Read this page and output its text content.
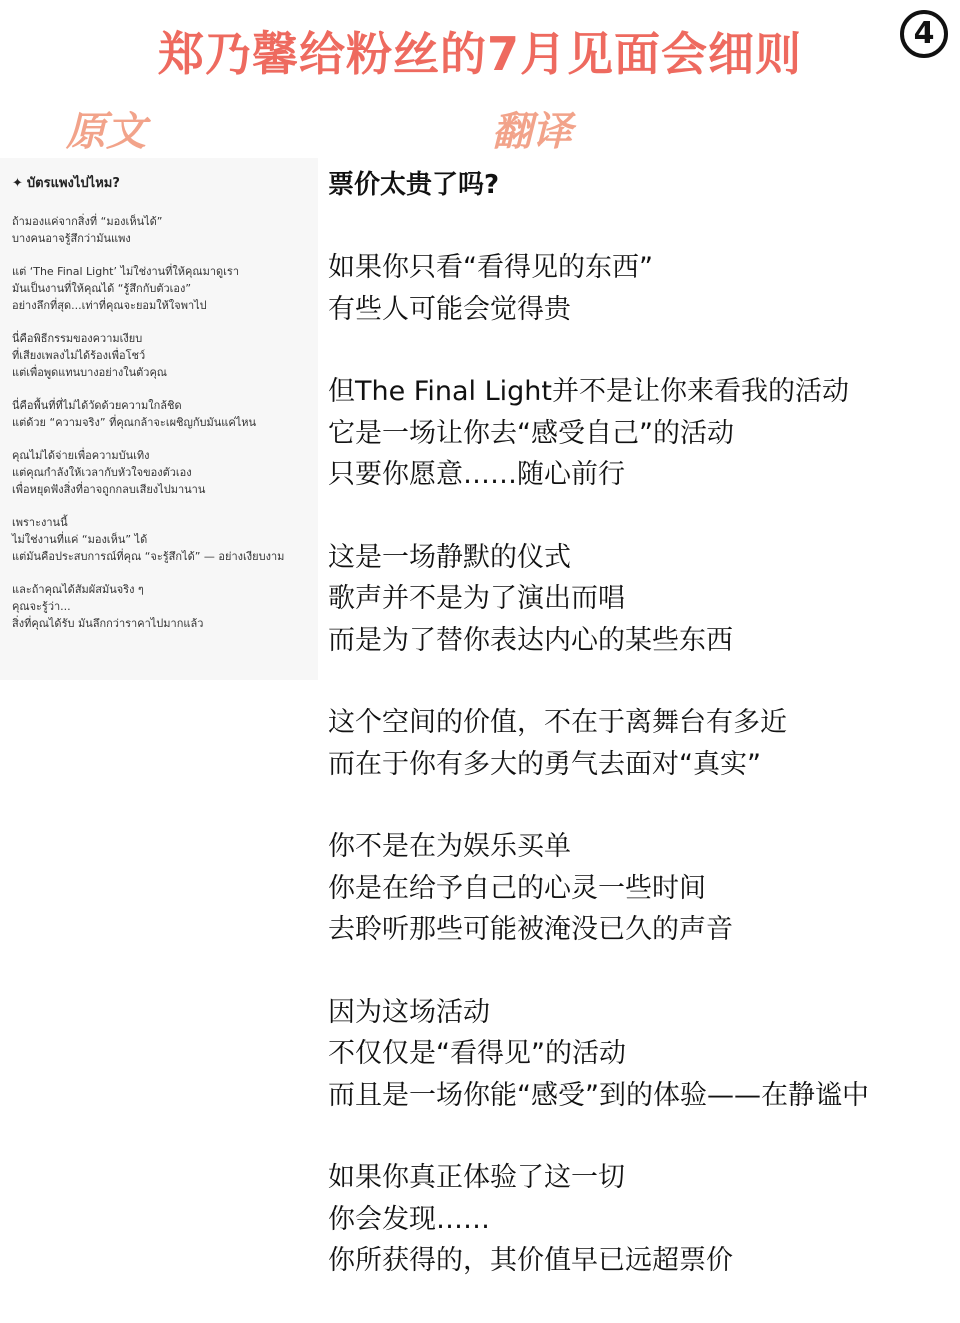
郑乃馨给粉丝的7月见面会细则	4
原文	翻译
✦ บัตรแพงไปไหม?
ถ้ามองแค่จากสิ่งที่ “มองเห็นได้”
บางคนอาจรู้สึกว่ามันแพง
แต่ ‘The Final Light’ ไม่ใช่งานที่ให้คุณมาดูเรา
มันเป็นงานที่ให้คุณได้ “รู้สึกกับตัวเอง”
อย่างลึกที่สุด...เท่าที่คุณจะยอมให้ใจพาไป
นี่คือพิธีกรรมของความเงียบ
ที่เสียงเพลงไม่ได้ร้องเพื่อโชว์
แต่เพื่อพูดแทนบางอย่างในตัวคุณ
นี่คือพื้นที่ที่ไม่ได้วัดด้วยความใกล้ชิด
แต่ด้วย “ความจริง” ที่คุณกล้าจะเผชิญกับมันแค่ไหน
คุณไม่ได้จ่ายเพื่อความบันเทิง
แต่คุณกำลังให้เวลากับหัวใจของตัวเอง
เพื่อหยุดฟังสิ่งที่อาจถูกกลบเสียงไปมานาน
เพราะงานนี้
ไม่ใช่งานที่แค่ “มองเห็น” ได้
แต่มันคือประสบการณ์ที่คุณ “จะรู้สึกได้” — อย่างเงียบงาม
และถ้าคุณได้สัมผัสมันจริง ๆ
คุณจะรู้ว่า...
สิ่งที่คุณได้รับ มันลึกกว่าราคาไปมากแล้ว
票价太贵了吗?
如果你只看“看得见的东西”
有些人可能会觉得贵
但The Final Light并不是让你来看我的活动
它是一场让你去“感受自己”的活动
只要你愿意……随心前行
这是一场静默的仪式
歌声并不是为了演出而唱
而是为了替你表达内心的某些东西
这个空间的价值，不在于离舞台有多近
而在于你有多大的勇气去面对“真实”
你不是在为娱乐买单
你是在给予自己的心灵一些时间
去聆听那些可能被淹没已久的声音
因为这场活动
不仅仅是“看得见”的活动
而且是一场你能“感受”到的体验——在静谧中
如果你真正体验了这一切
你会发现……
你所获得的，其价值早已远超票价
